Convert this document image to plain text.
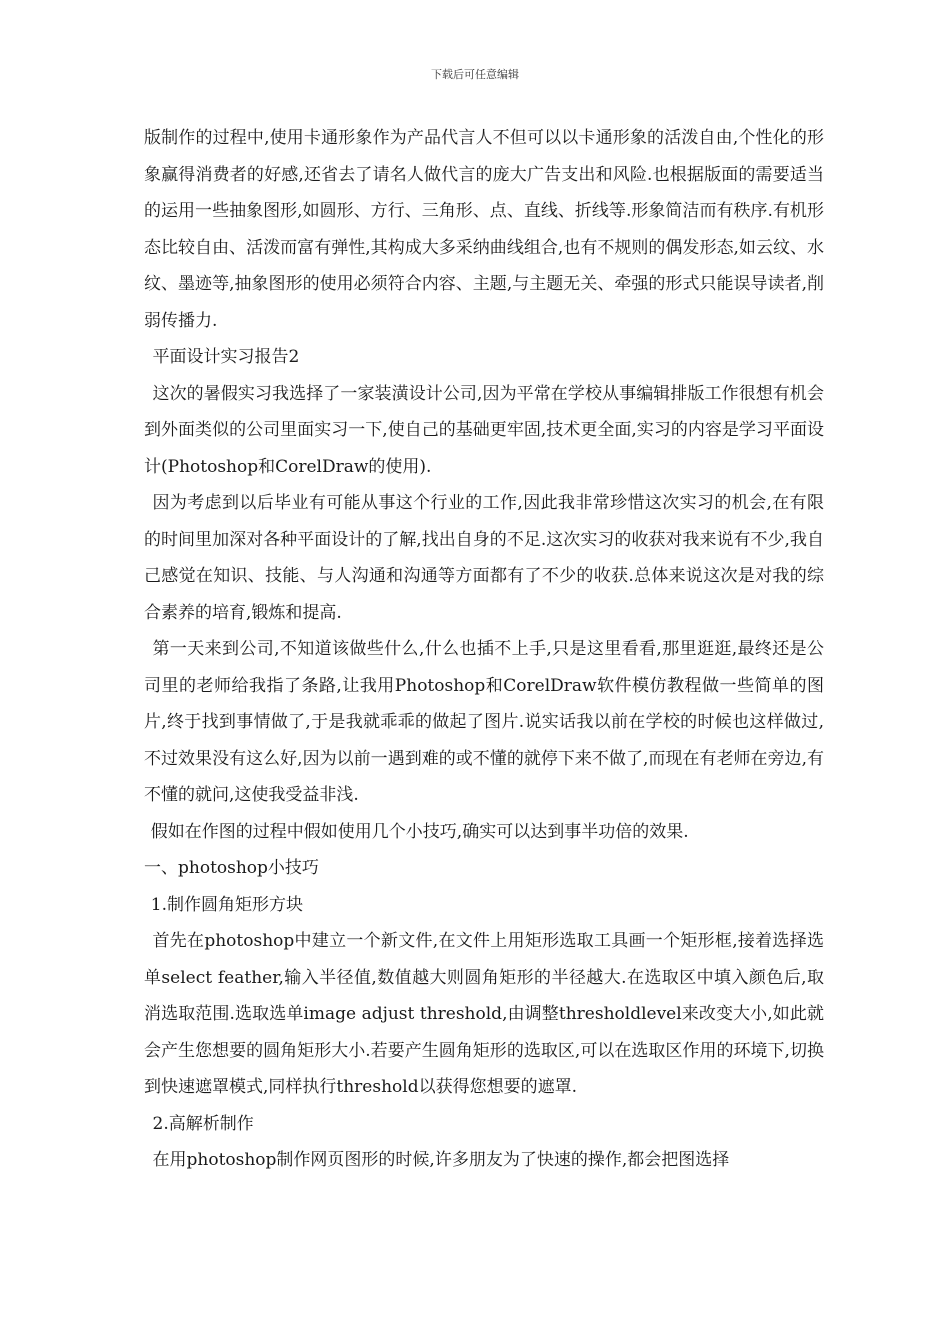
下载后可任意编辑

版制作的过程中,使用卡通形象作为产品代言人不但可以以卡通形象的活泼自由,个性化的形象赢得消费者的好感,还省去了请名人做代言的庞大广告支出和风险.也根据版面的需要适当的运用一些抽象图形,如圆形、方行、三角形、点、直线、折线等.形象简洁而有秩序.有机形态比较自由、活泼而富有弹性,其构成大多采纳曲线组合,也有不规则的偶发形态,如云纹、水纹、墨迹等,抽象图形的使用必须符合内容、主题,与主题无关、牵强的形式只能误导读者,削弱传播力.

平面设计实习报告2

这次的暑假实习我选择了一家装潢设计公司,因为平常在学校从事编辑排版工作很想有机会到外面类似的公司里面实习一下,使自己的基础更牢固,技术更全面,实习的内容是学习平面设计(Photoshop和CorelDraw的使用).

因为考虑到以后毕业有可能从事这个行业的工作,因此我非常珍惜这次实习的机会,在有限的时间里加深对各种平面设计的了解,找出自身的不足.这次实习的收获对我来说有不少,我自己感觉在知识、技能、与人沟通和沟通等方面都有了不少的收获.总体来说这次是对我的综合素养的培育,锻炼和提高.

第一天来到公司,不知道该做些什么,什么也插不上手,只是这里看看,那里逛逛,最终还是公司里的老师给我指了条路,让我用Photoshop和CorelDraw软件模仿教程做一些简单的图片,终于找到事情做了,于是我就乖乖的做起了图片.说实话我以前在学校的时候也这样做过,不过效果没有这么好,因为以前一遇到难的或不懂的就停下来不做了,而现在有老师在旁边,有不懂的就问,这使我受益非浅.

假如在作图的过程中假如使用几个小技巧,确实可以达到事半功倍的效果.

一、photoshop小技巧

1.制作圆角矩形方块

首先在photoshop中建立一个新文件,在文件上用矩形选取工具画一个矩形框,接着选择选单select feather,输入半径值,数值越大则圆角矩形的半径越大.在选取区中填入颜色后,取消选取范围.选取选单image adjust threshold,由调整thresholdlevel来改变大小,如此就会产生您想要的圆角矩形大小.若要产生圆角矩形的选取区,可以在选取区作用的环境下,切换到快速遮罩模式,同样执行threshold以获得您想要的遮罩.

2.高解析制作

在用photoshop制作网页图形的时候,许多朋友为了快速的操作,都会把图选择
